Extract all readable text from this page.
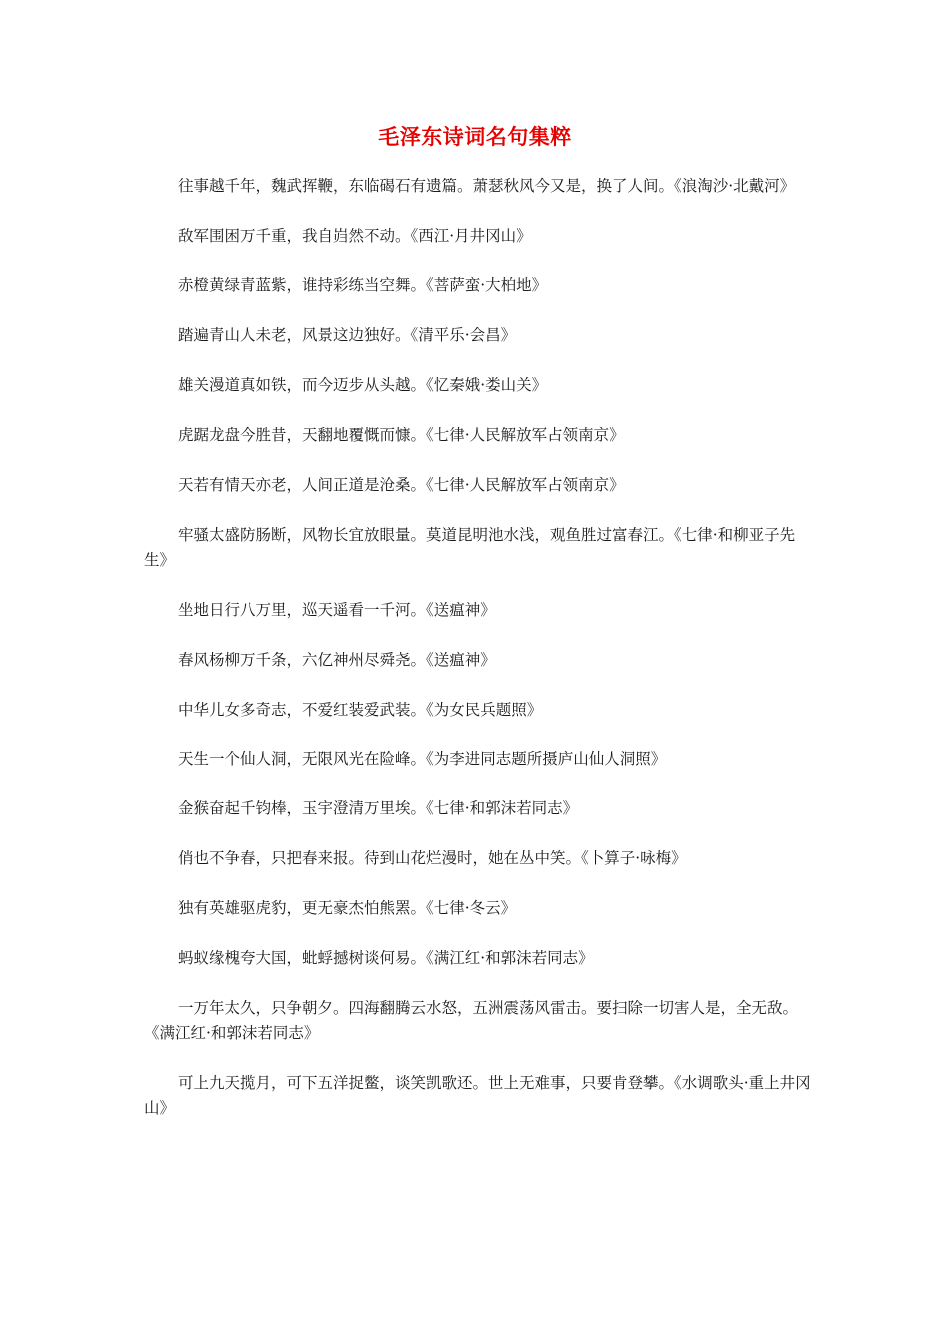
毛泽东诗词名句集粹

往事越千年，魏武挥鞭，东临碣石有遗篇。萧瑟秋风今又是，换了人间。《浪淘沙·北戴河》

敌军围困万千重，我自岿然不动。《西江·月井冈山》

赤橙黄绿青蓝紫，谁持彩练当空舞。《菩萨蛮·大柏地》

踏遍青山人未老，风景这边独好。《清平乐·会昌》

雄关漫道真如铁，而今迈步从头越。《忆秦娥·娄山关》

虎踞龙盘今胜昔，天翻地覆慨而慷。《七律·人民解放军占领南京》

天若有情天亦老，人间正道是沧桑。《七律·人民解放军占领南京》

牢骚太盛防肠断，风物长宜放眼量。莫道昆明池水浅，观鱼胜过富春江。《七律·和柳亚子先生》

坐地日行八万里，巡天遥看一千河。《送瘟神》

春风杨柳万千条，六亿神州尽舜尧。《送瘟神》

中华儿女多奇志，不爱红装爱武装。《为女民兵题照》

天生一个仙人洞，无限风光在险峰。《为李进同志题所摄庐山仙人洞照》

金猴奋起千钧棒，玉宇澄清万里埃。《七律·和郭沫若同志》

俏也不争春，只把春来报。待到山花烂漫时，她在丛中笑。《卜算子·咏梅》

独有英雄驱虎豹，更无豪杰怕熊罴。《七律·冬云》

蚂蚁缘槐夸大国，蚍蜉撼树谈何易。《满江红·和郭沫若同志》

一万年太久，只争朝夕。四海翻腾云水怒，五洲震荡风雷击。要扫除一切害人是，全无敌。《满江红·和郭沫若同志》

可上九天揽月，可下五洋捉鳖，谈笑凯歌还。世上无难事，只要肯登攀。《水调歌头·重上井冈山》
